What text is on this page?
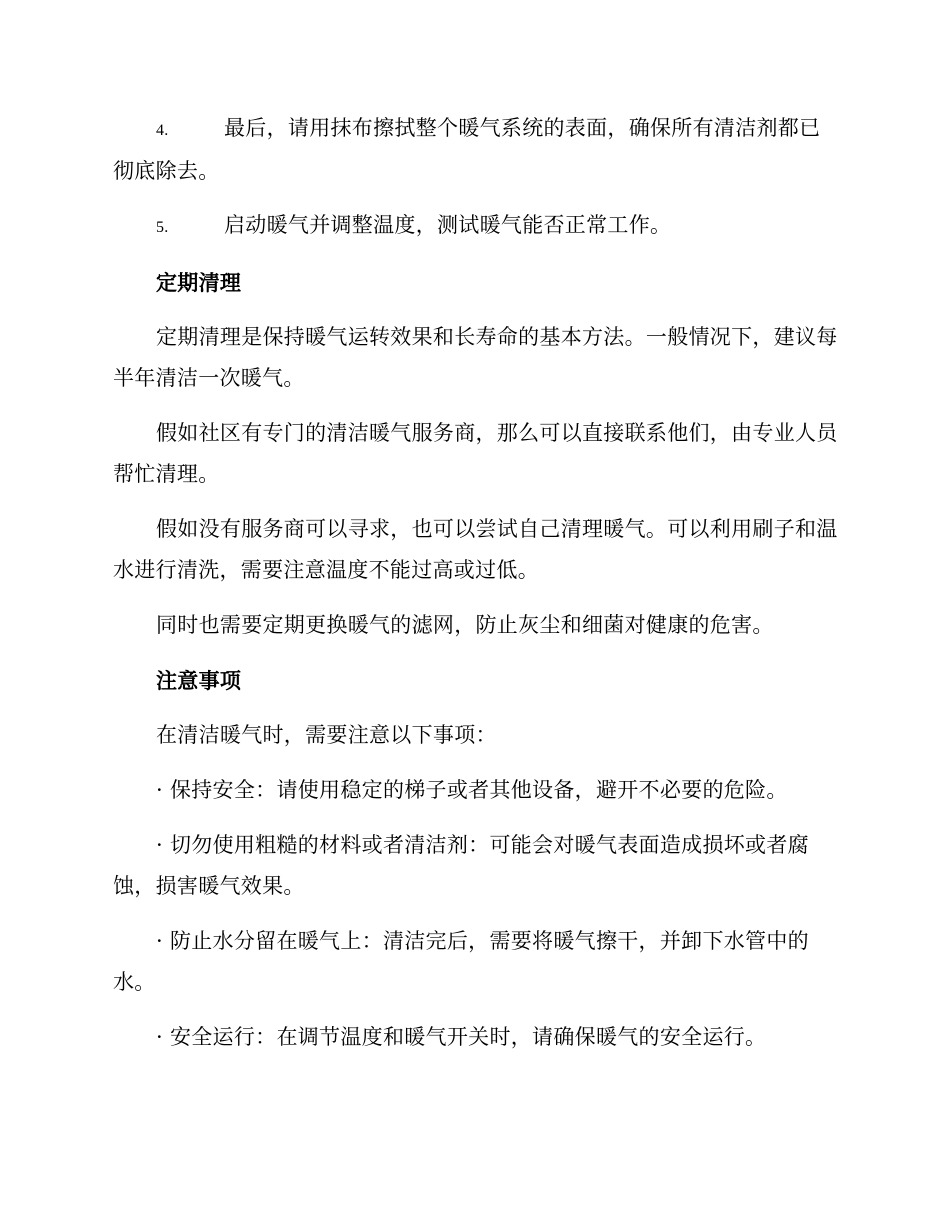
4.	最后，请用抹布擦拭整个暖气系统的表面，确保所有清洁剂都已彻底除去。

5.	启动暖气并调整温度，测试暖气能否正常工作。

定期清理

定期清理是保持暖气运转效果和长寿命的基本方法。一般情况下，建议每半年清洁一次暖气。

假如社区有专门的清洁暖气服务商，那么可以直接联系他们，由专业人员帮忙清理。

假如没有服务商可以寻求，也可以尝试自己清理暖气。可以利用刷子和温水进行清洗，需要注意温度不能过高或过低。

同时也需要定期更换暖气的滤网，防止灰尘和细菌对健康的危害。

注意事项

在清洁暖气时，需要注意以下事项：

· 保持安全：请使用稳定的梯子或者其他设备，避开不必要的危险。

· 切勿使用粗糙的材料或者清洁剂：可能会对暖气表面造成损坏或者腐蚀，损害暖气效果。

· 防止水分留在暖气上：清洁完后，需要将暖气擦干，并卸下水管中的水。

· 安全运行：在调节温度和暖气开关时，请确保暖气的安全运行。
